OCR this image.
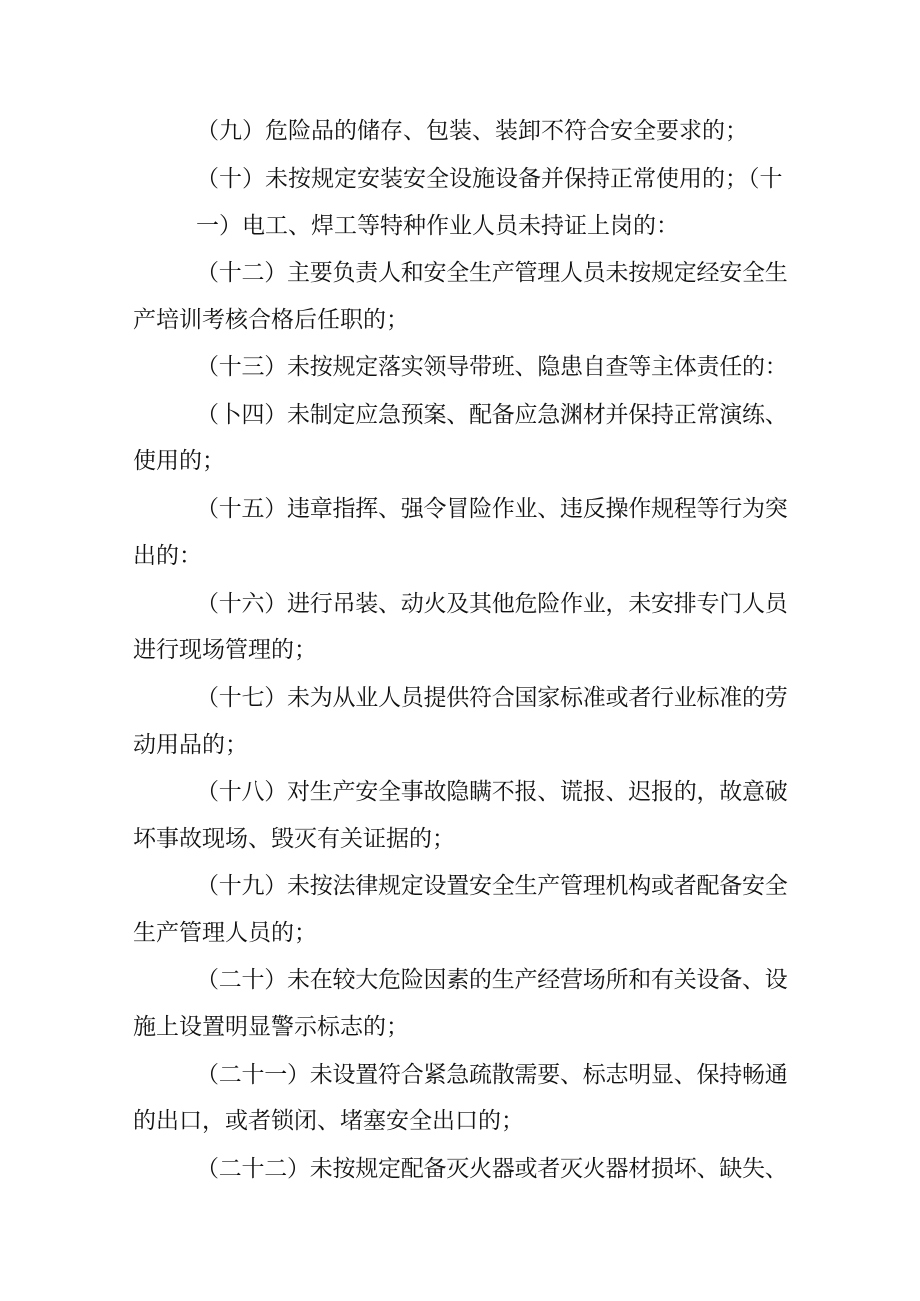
（九）危险品的储存、包装、装卸不符合安全要求的；
（十）未按规定安装安全设施设备并保持正常使用的；（十
一）电工、焊工等特种作业人员未持证上岗的：
（十二）主要负责人和安全生产管理人员未按规定经安全生
产培训考核合格后任职的；
（十三）未按规定落实领导带班、隐患自查等主体责任的：
（卜四）未制定应急预案、配备应急渊材并保持正常演练、
使用的；
（十五）违章指挥、强令冒险作业、违反操作规程等行为突
出的：
（十六）进行吊装、动火及其他危险作业，未安排专门人员
进行现场管理的；
（十七）未为从业人员提供符合国家标准或者行业标准的劳
动用品的；
（十八）对生产安全事故隐瞒不报、谎报、迟报的，故意破
坏事故现场、毁灭有关证据的；
（十九）未按法律规定设置安全生产管理机构或者配备安全
生产管理人员的；
（二十）未在较大危险因素的生产经营场所和有关设备、设
施上设置明显警示标志的；
（二十一）未设置符合紧急疏散需要、标志明显、保持畅通
的出口，或者锁闭、堵塞安全出口的；
（二十二）未按规定配备灭火器或者灭火器材损坏、缺失、
